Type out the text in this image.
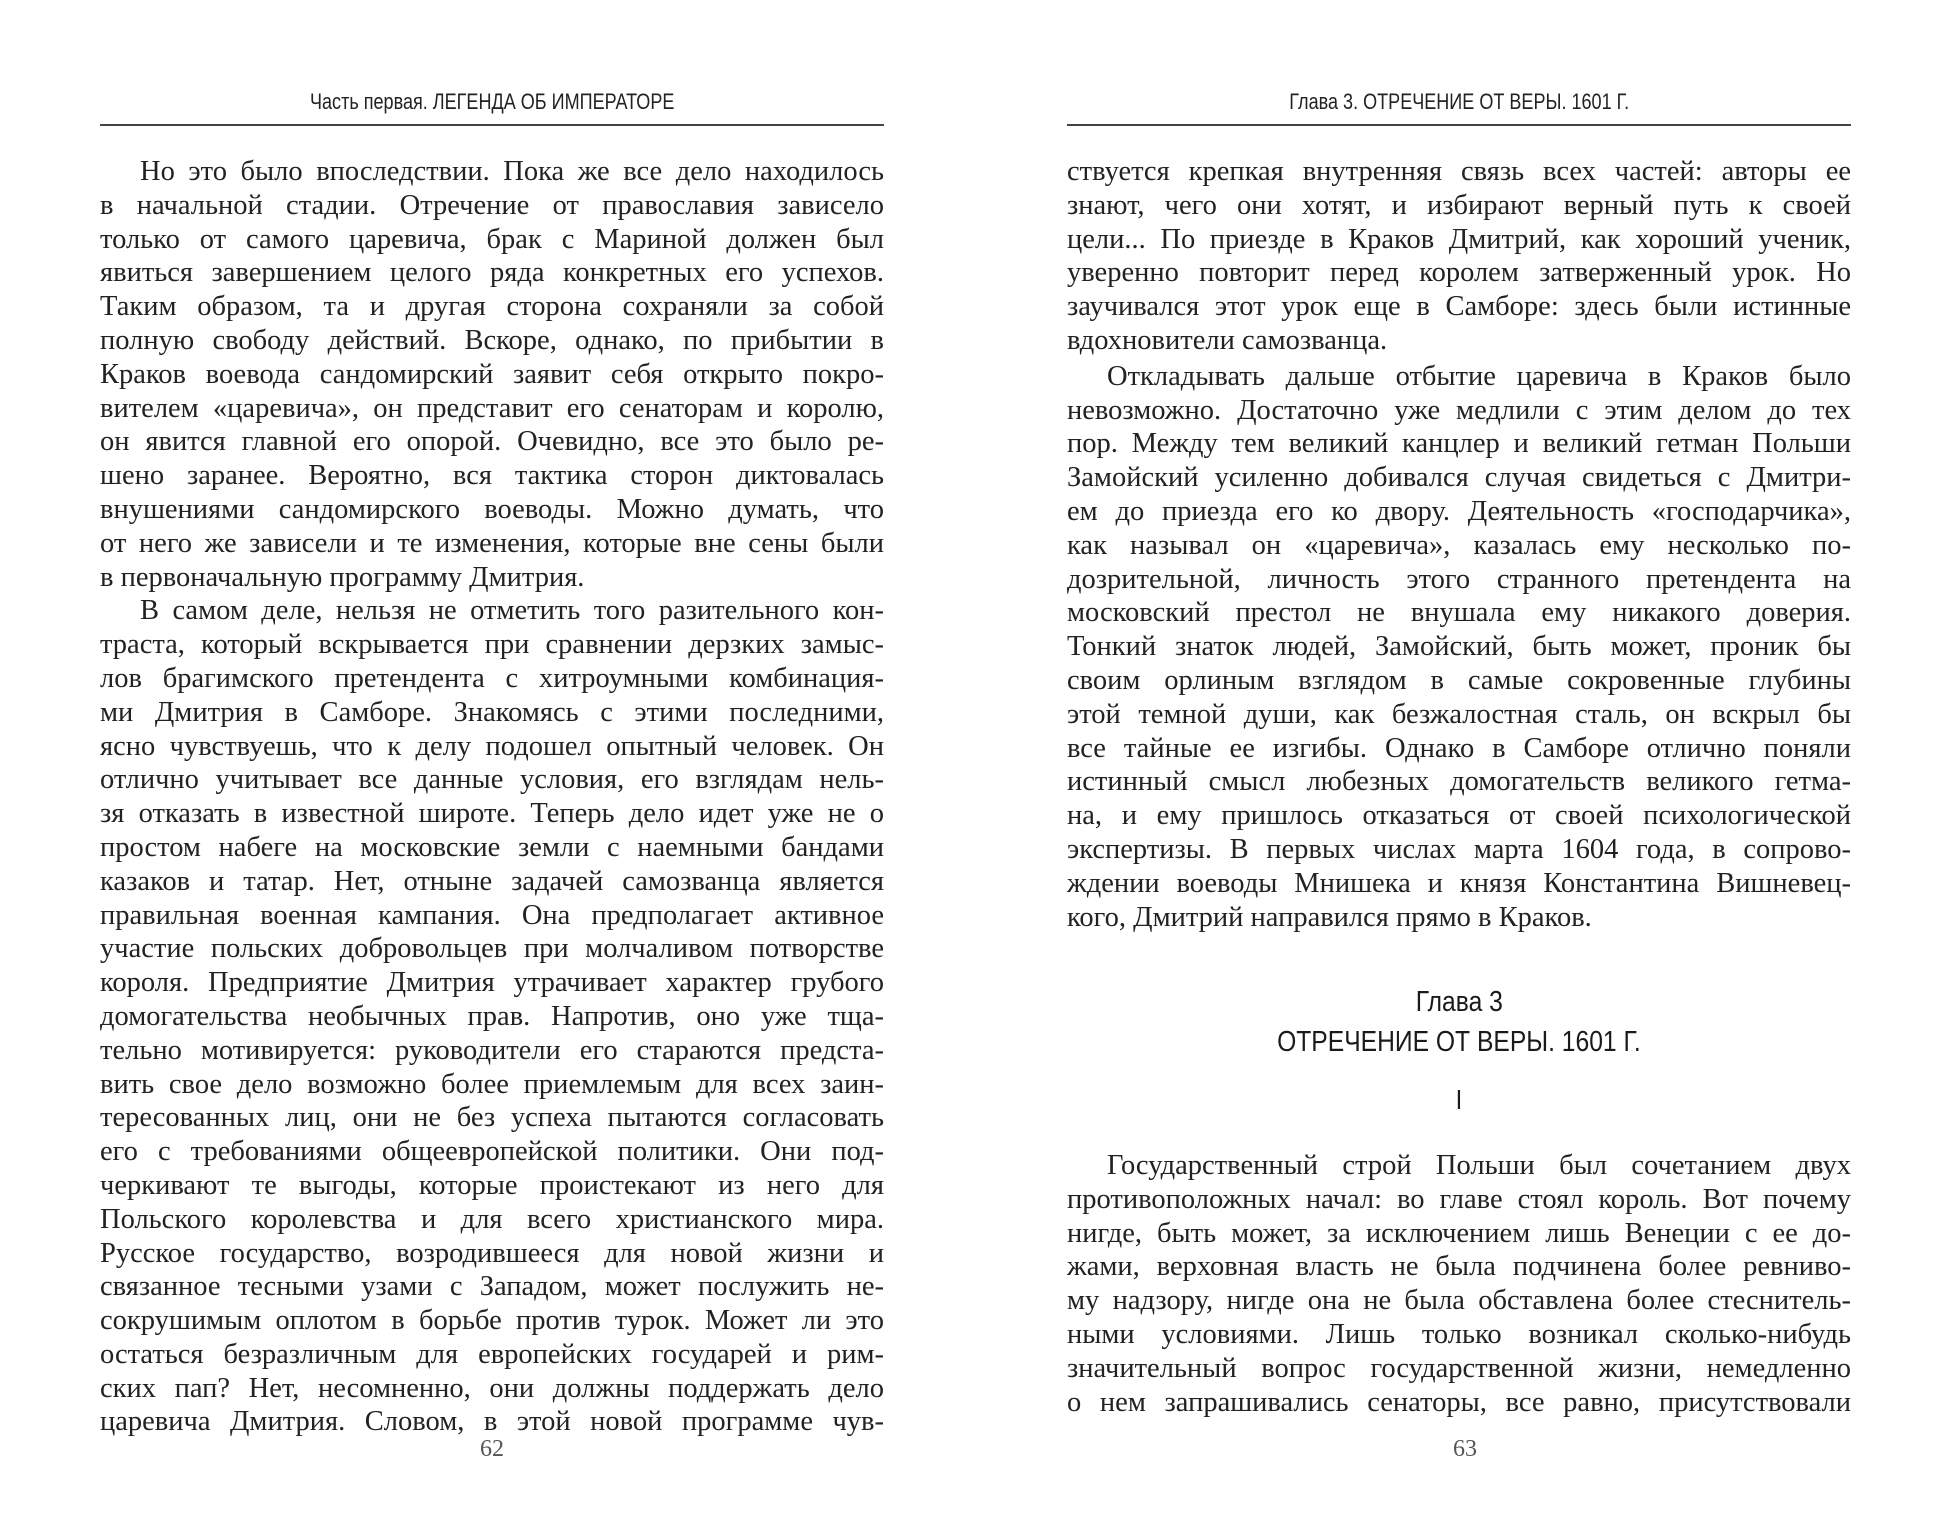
Часть первая. ЛЕГЕНДА ОБ ИМПЕРАТОРЕ
Но это было впоследствии. Пока же все дело находилось
в начальной стадии. Отречение от православия зависело
только от самого царевича, брак с Мариной должен был
явиться завершением целого ряда конкретных его успехов.
Таким образом, та и другая сторона сохраняли за собой
полную свободу действий. Вскоре, однако, по прибытии в
Краков воевода сандомирский заявит себя открыто покро-
вителем «царевича», он представит его сенаторам и королю,
он явится главной его опорой. Очевидно, все это было ре-
шено заранее. Вероятно, вся тактика сторон диктовалась
внушениями сандомирского воеводы. Можно думать, что
от него же зависели и те изменения, которые вне сены были
в первоначальную программу Дмитрия.
В самом деле, нельзя не отметить того разительного кон-
траста, который вскрывается при сравнении дерзких замыс-
лов брагимского претендента с хитроумными комбинация-
ми Дмитрия в Самборе. Знакомясь с этими последними,
ясно чувствуешь, что к делу подошел опытный человек. Он
отлично учитывает все данные условия, его взглядам нель-
зя отказать в известной широте. Теперь дело идет уже не о
простом набеге на московские земли с наемными бандами
казаков и татар. Нет, отныне задачей самозванца является
правильная военная кампания. Она предполагает активное
участие польских добровольцев при молчаливом потворстве
короля. Предприятие Дмитрия утрачивает характер грубого
домогательства необычных прав. Напротив, оно уже тща-
тельно мотивируется: руководители его стараются предста-
вить свое дело возможно более приемлемым для всех заин-
тересованных лиц, они не без успеха пытаются согласовать
его с требованиями общеевропейской политики. Они под-
черкивают те выгоды, которые проистекают из него для
Польского королевства и для всего христианского мира.
Русское государство, возродившееся для новой жизни и
связанное тесными узами с Западом, может послужить не-
сокрушимым оплотом в борьбе против турок. Может ли это
остаться безразличным для европейских государей и рим-
ских пап? Нет, несомненно, они должны поддержать дело
царевича Дмитрия. Словом, в этой новой программе чув-
62
Глава 3. ОТРЕЧЕНИЕ ОТ ВЕРЫ. 1601 Г.
ствуется крепкая внутренняя связь всех частей: авторы ее
знают, чего они хотят, и избирают верный путь к своей
цели... По приезде в Краков Дмитрий, как хороший ученик,
уверенно повторит перед королем затверженный урок. Но
заучивался этот урок еще в Самборе: здесь были истинные
вдохновители самозванца.
Откладывать дальше отбытие царевича в Краков было
невозможно. Достаточно уже медлили с этим делом до тех
пор. Между тем великий канцлер и великий гетман Польши
Замойский усиленно добивался случая свидеться с Дмитри-
ем до приезда его ко двору. Деятельность «господарчика»,
как называл он «царевича», казалась ему несколько по-
дозрительной, личность этого странного претендента на
московский престол не внушала ему никакого доверия.
Тонкий знаток людей, Замойский, быть может, проник бы
своим орлиным взглядом в самые сокровенные глубины
этой темной души, как безжалостная сталь, он вскрыл бы
все тайные ее изгибы. Однако в Самборе отлично поняли
истинный смысл любезных домогательств великого гетма-
на, и ему пришлось отказаться от своей психологической
экспертизы. В первых числах марта 1604 года, в сопрово-
ждении воеводы Мнишека и князя Константина Вишневец-
кого, Дмитрий направился прямо в Краков.
Глава 3
ОТРЕЧЕНИЕ ОТ ВЕРЫ. 1601 Г.
I
Государственный строй Польши был сочетанием двух
противоположных начал: во главе стоял король. Вот почему
нигде, быть может, за исключением лишь Венеции с ее до-
жами, верховная власть не была подчинена более ревниво-
му надзору, нигде она не была обставлена более стеснитель-
ными условиями. Лишь только возникал сколько-нибудь
значительный вопрос государственной жизни, немедленно
о нем запрашивались сенаторы, все равно, присутствовали
63
